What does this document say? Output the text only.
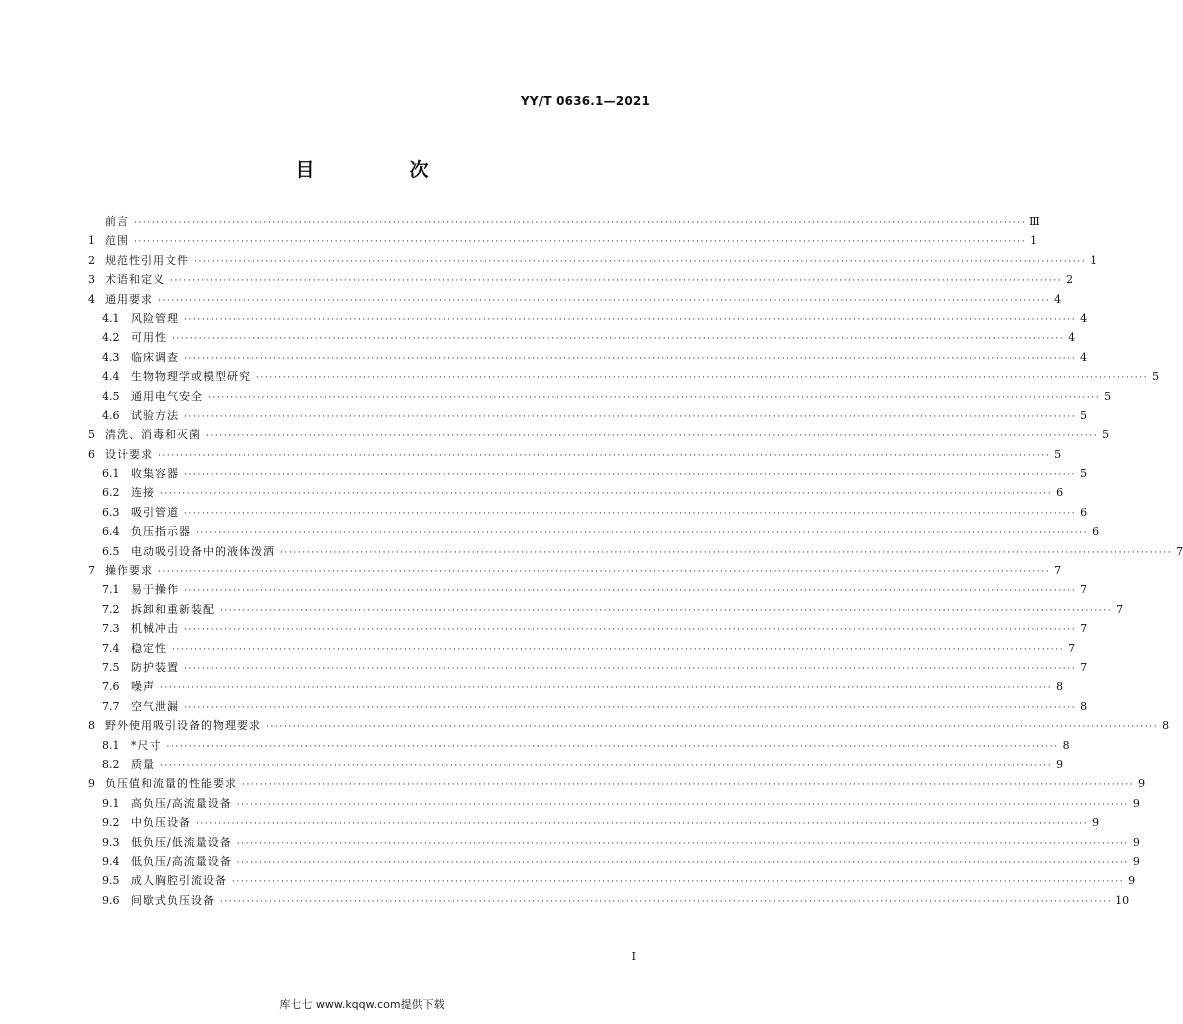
YY/T 0636.1—2021
目　次
前言 ········································································································································································································ Ⅲ
1 范围 ········································································································································································································ 1
2 规范性引用文件 ········································································································································································································ 1
3 术语和定义 ········································································································································································································ 2
4 通用要求 ········································································································································································································ 4
4.1	风险管理 ········································································································································································································ 4
4.2	可用性 ········································································································································································································ 4
4.3	临床调查 ········································································································································································································ 4
4.4	生物物理学或模型研究 ········································································································································································································ 5
4.5	通用电气安全 ········································································································································································································ 5
4.6	试验方法 ········································································································································································································ 5
5 清洗、消毒和灭菌 ········································································································································································································ 5
6 设计要求 ········································································································································································································ 5
6.1	收集容器 ········································································································································································································ 5
6.2	连接 ········································································································································································································ 6
6.3	吸引管道 ········································································································································································································ 6
6.4	负压指示器 ········································································································································································································ 6
6.5	电动吸引设备中的液体泼洒 ········································································································································································································ 7
7 操作要求 ········································································································································································································ 7
7.1	易于操作 ········································································································································································································ 7
7.2	拆卸和重新装配 ········································································································································································································ 7
7.3	机械冲击 ········································································································································································································ 7
7.4	稳定性 ········································································································································································································ 7
7.5	防护装置 ········································································································································································································ 7
7.6	噪声 ········································································································································································································ 8
7.7	空气泄漏 ········································································································································································································ 8
8 野外使用吸引设备的物理要求 ········································································································································································································ 8
8.1	*尺寸 ········································································································································································································ 8
8.2	质量 ········································································································································································································ 9
9 负压值和流量的性能要求 ········································································································································································································ 9
9.1	高负压/高流量设备 ········································································································································································································ 9
9.2	中负压设备 ········································································································································································································ 9
9.3	低负压/低流量设备 ········································································································································································································ 9
9.4	低负压/高流量设备 ········································································································································································································ 9
9.5	成人胸腔引流设备 ········································································································································································································ 9
9.6	间歇式负压设备 ········································································································································································································ 10
Ⅰ
库七七 www.kqqw.com提供下载
